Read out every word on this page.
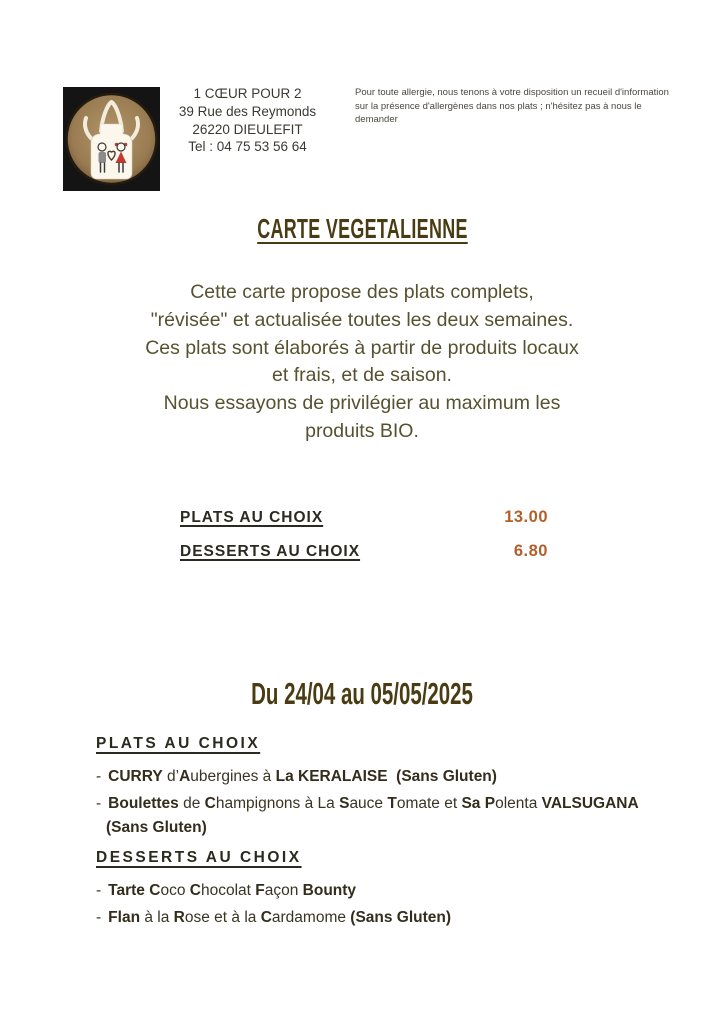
1 CŒUR POUR 2
39 Rue des Reymonds
26220 DIEULEFIT
Tel : 04 75 53 56 64
Pour toute allergie, nous tenons à votre disposition un recueil d'information
sur la présence d'allergènes dans nos plats ; n'hésitez pas à nous le demander
CARTE VEGETALIENNE
Cette carte propose des plats complets,
"révisée" et actualisée toutes les deux semaines.
Ces plats sont élaborés à partir de produits locaux
et frais, et de saison.
Nous essayons de privilégier au maximum les
produits BIO.
PLATS AU CHOIX	13.00
DESSERTS AU CHOIX	6.80
Du 24/04 au 05/05/2025
PLATS AU CHOIX
- CURRY d’Aubergines à La KERALAISE  (Sans Gluten)
- Boulettes de Champignons à La Sauce Tomate et Sa Polenta VALSUGANA
(Sans Gluten)
DESSERTS AU CHOIX
- Tarte Coco Chocolat Façon Bounty
- Flan à la Rose et à la Cardamome (Sans Gluten)
